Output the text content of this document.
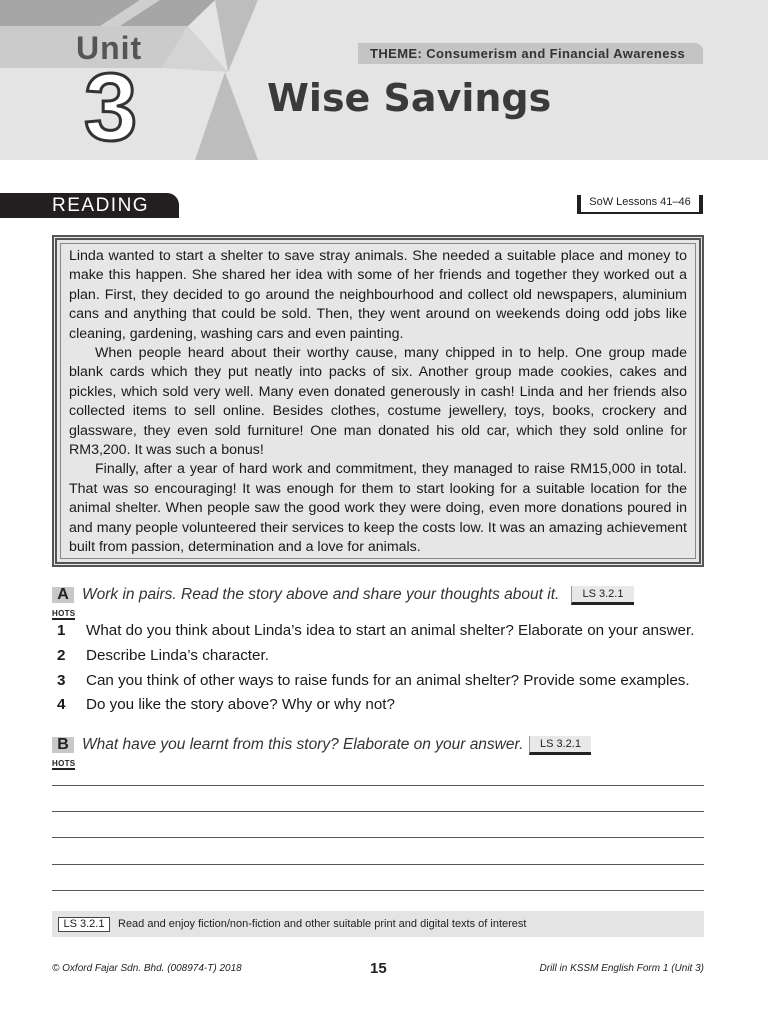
Unit
3
THEME: Consumerism and Financial Awareness
Wise Savings
READING	SoW Lessons 41–46

Linda wanted to start a shelter to save stray animals. She needed a suitable place and money to make this happen. She shared her idea with some of her friends and together they worked out a plan. First, they decided to go around the neighbourhood and collect old newspapers, aluminium cans and anything that could be sold. Then, they went around on weekends doing odd jobs like cleaning, gardening, washing cars and even painting.

When people heard about their worthy cause, many chipped in to help. One group made blank cards which they put neatly into packs of six. Another group made cookies, cakes and pickles, which sold very well. Many even donated generously in cash! Linda and her friends also collected items to sell online. Besides clothes, costume jewellery, toys, books, crockery and glassware, they even sold furniture! One man donated his old car, which they sold online for RM3,200. It was such a bonus!

Finally, after a year of hard work and commitment, they managed to raise RM15,000 in total. That was so encouraging! It was enough for them to start looking for a suitable location for the animal shelter. When people saw the good work they were doing, even more donations poured in and many people volunteered their services to keep the costs low. It was an amazing achievement built from passion, determination and a love for animals.

A
HOTS
Work in pairs. Read the story above and share your thoughts about it.	LS 3.2.1
1 What do you think about Linda’s idea to start an animal shelter? Elaborate on your answer.
2 Describe Linda’s character.
3 Can you think of other ways to raise funds for an animal shelter? Provide some examples.
4 Do you like the story above? Why or why not?
B
HOTS
What have you learnt from this story? Elaborate on your answer.	LS 3.2.1
LS 3.2.1	Read and enjoy fiction/non-fiction and other suitable print and digital texts of interest
© Oxford Fajar Sdn. Bhd. (008974-T) 2018	15	Drill in KSSM English Form 1 (Unit 3)
